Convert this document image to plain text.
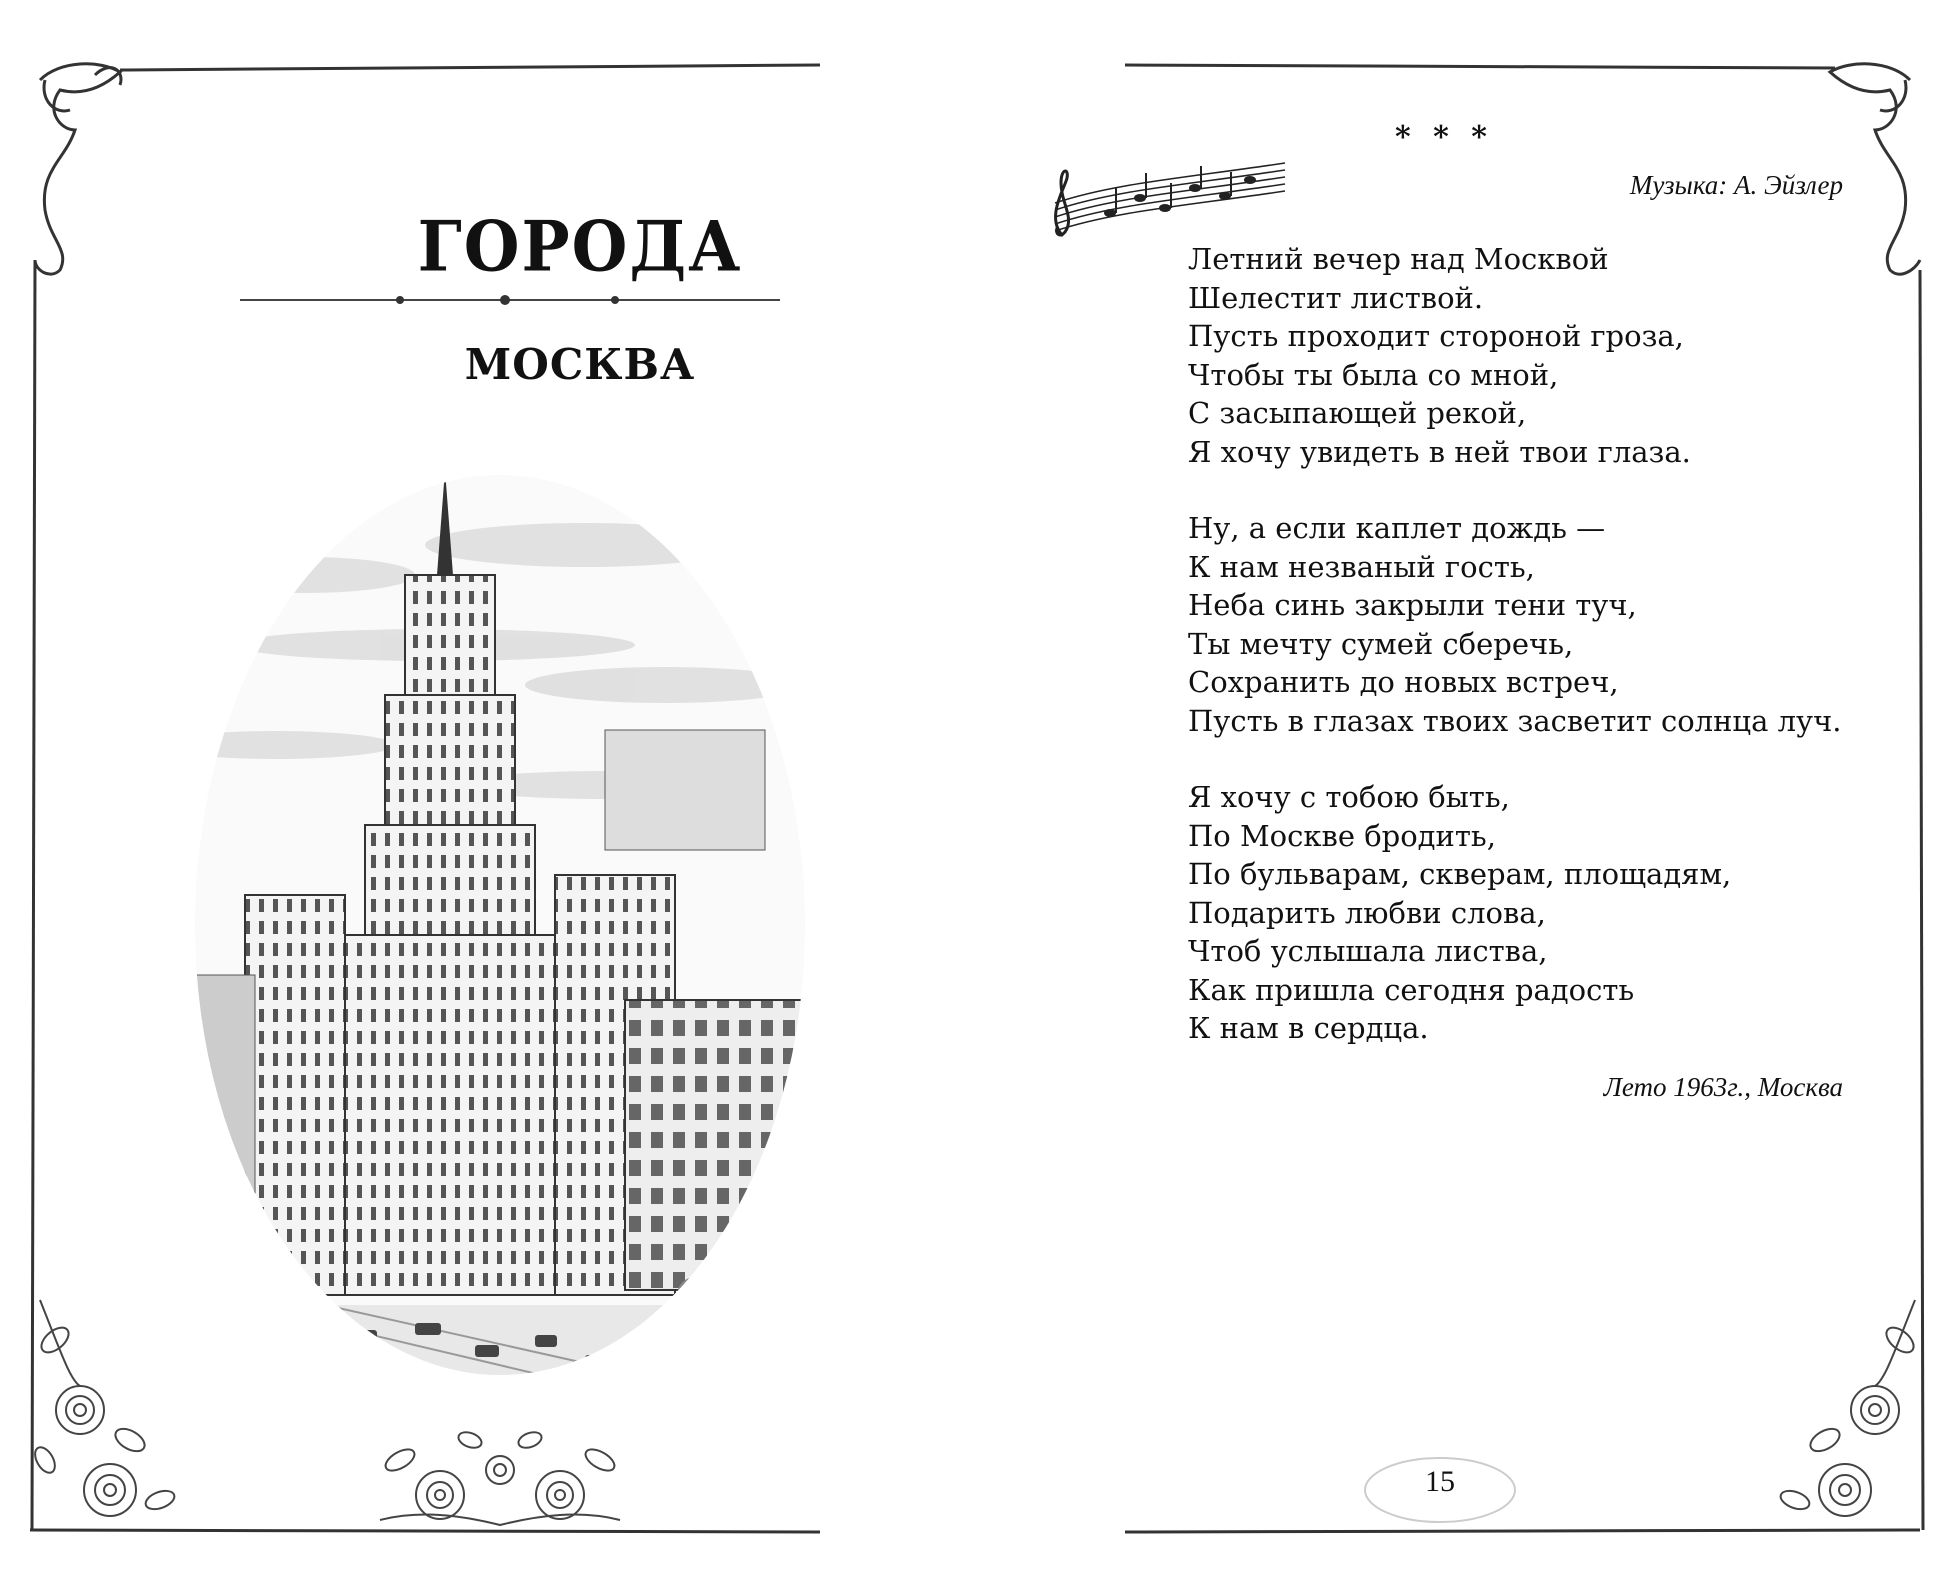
ГОРОДА
МОСКВА
* * *
Музыка: А. Эйзлер
Летний вечер над Москвой
Шелестит листвой.
Пусть проходит стороной гроза,
Чтобы ты была со мной,
С засыпающей рекой,
Я хочу увидеть в ней твои глаза.
Ну, а если каплет дождь —
К нам незваный гость,
Неба синь закрыли тени туч,
Ты мечту сумей сберечь,
Сохранить до новых встреч,
Пусть в глазах твоих засветит солнца луч.
Я хочу с тобою быть,
По Москве бродить,
По бульварам, скверам, площадям,
Подарить любви слова,
Чтоб услышала листва,
Как пришла сегодня радость
К нам в сердца.
Лето 1963г., Москва
15
